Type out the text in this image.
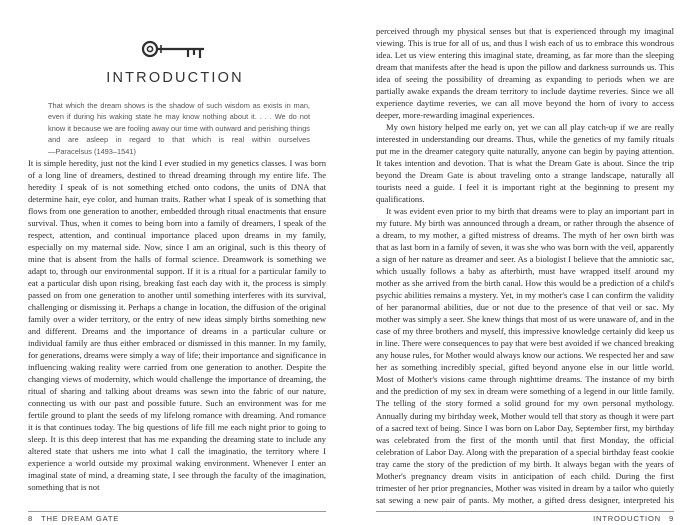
INTRODUCTION
That which the dream shows is the shadow of such wisdom as exists in man, even if during his waking state he may know nothing about it. . . . We do not know it because we are fooling away our time with outward and perishing things and are asleep in regard to that which is real within ourselves —Paracelsus (1493–1541)

It is simple heredity, just not the kind I ever studied in my genetics classes. I was born of a long line of dreamers, destined to thread dreaming through my entire life. The heredity I speak of is not something etched onto codons, the units of DNA that determine hair, eye color, and human traits. Rather what I speak of is something that flows from one generation to another, embedded through ritual enactments that ensure survival. Thus, when it comes to being born into a family of dreamers, I speak of the respect, attention, and continual importance placed upon dreams in my family, especially on my maternal side. Now, since I am an original, such is this theory of mine that is absent from the halls of formal science. Dreamwork is something we adapt to, through our environmental support. If it is a ritual for a particular family to eat a particular dish upon rising, breaking fast each day with it, the process is simply passed on from one generation to another until something interferes with its survival, challenging or dismissing it. Perhaps a change in location, the diffusion of the original family over a wider territory, or the entry of new ideas simply births something new and different. Dreams and the importance of dreams in a particular culture or individual family are thus either embraced or dismissed in this manner. In my family, for generations, dreams were simply a way of life; their importance and significance in influencing waking reality were carried from one generation to another. Despite the changing views of modernity, which would challenge the importance of dreaming, the ritual of sharing and talking about dreams was sewn into the fabric of our nature, connecting us with our past and possible future. Such an environment was for me fertile ground to plant the seeds of my lifelong romance with dreaming. And romance it is that continues today. The big questions of life fill me each night prior to going to sleep. It is this deep interest that has me expanding the dreaming state to include any altered state that ushers me into what I call the imaginatio, the territory where I experience a world outside my proximal waking environment. Whenever I enter an imaginal state of mind, a dreaming state, I see through the faculty of the imagination, something that is not

8 THE DREAM GATE

perceived through my physical senses but that is experienced through my imaginal viewing. This is true for all of us, and thus I wish each of us to embrace this wondrous idea. Let us view entering this imaginal state, dreaming, as far more than the sleeping dream that manifests after the head is upon the pillow and darkness surrounds us. This idea of seeing the possibility of dreaming as expanding to periods when we are partially awake expands the dream territory to include daytime reveries. Since we all experience daytime reveries, we can all move beyond the horn of ivory to access deeper, more-rewarding imaginal experiences.

My own history helped me early on, yet we can all play catch-up if we are really interested in understanding our dreams. Thus, while the genetics of my family rituals put me in the dreamer category quite naturally, anyone can begin by paying attention. It takes intention and devotion. That is what the Dream Gate is about. Since the trip beyond the Dream Gate is about traveling onto a strange landscape, naturally all tourists need a guide. I feel it is important right at the beginning to present my qualifications.

It was evident even prior to my birth that dreams were to play an important part in my future. My birth was announced through a dream, or rather through the absence of a dream, to my mother, a gifted mistress of dreams. The myth of her own birth was that as last born in a family of seven, it was she who was born with the veil, apparently a sign of her nature as dreamer and seer. As a biologist I believe that the amniotic sac, which usually follows a baby as afterbirth, must have wrapped itself around my mother as she arrived from the birth canal. How this would be a prediction of a child's psychic abilities remains a mystery. Yet, in my mother's case I can confirm the validity of her paranormal abilities, due or not due to the presence of that veil or sac. My mother was simply a seer. She knew things that most of us were unaware of, and in the case of my three brothers and myself, this impressive knowledge certainly did keep us in line. There were consequences to pay that were best avoided if we chanced breaking any house rules, for Mother would always know our actions. We respected her and saw her as something incredibly special, gifted beyond anyone else in our little world. Most of Mother's visions came through nighttime dreams. The instance of my birth and the prediction of my sex in dream were something of a legend in our little family. The telling of the story formed a solid ground for my own personal mythology. Annually during my birthday week, Mother would tell that story as though it were part of a sacred text of being. Since I was born on Labor Day, September first, my birthday was celebrated from the first of the month until that first Monday, the official celebration of Labor Day. Along with the preparation of a special birthday feast cookie tray came the story of the prediction of my birth. It always began with the years of Mother's pregnancy dream visits in anticipation of each child. During the first trimester of her prior pregnancies, Mother was visited in dream by a tailor who quietly sat sewing a new pair of pants. My mother, a gifted dress designer, interpreted his

INTRODUCTION 9
